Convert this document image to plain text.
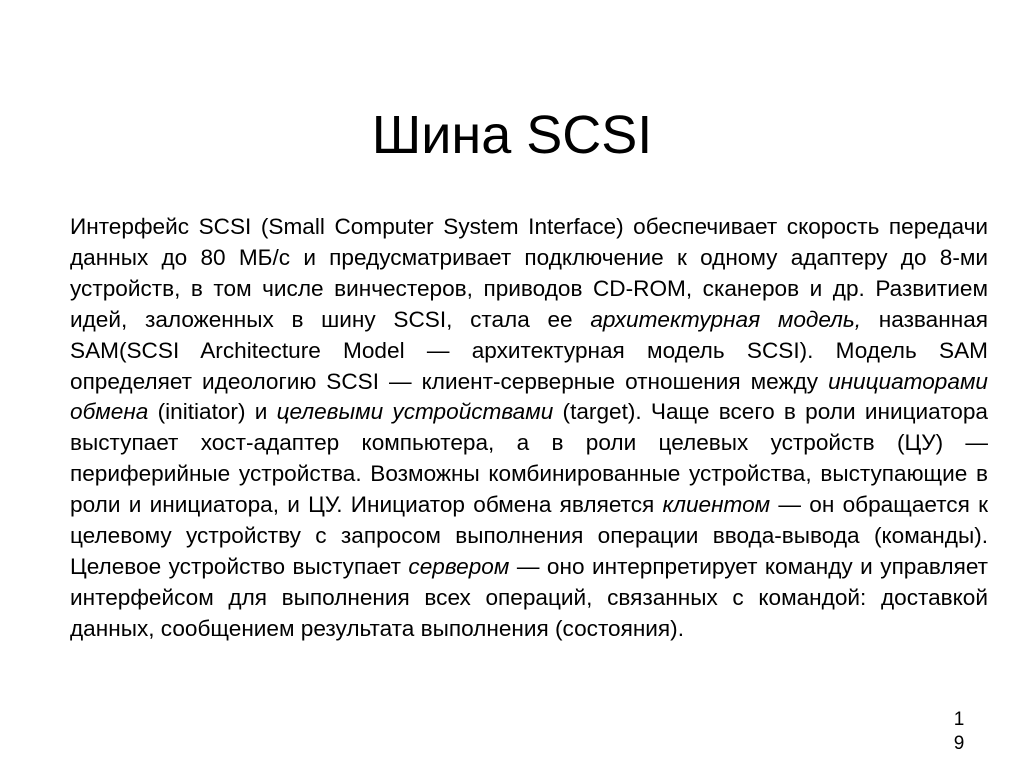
Шина SCSI

Интерфейс SCSI (Small Computer System Interface) обеспечивает скорость передачи данных до 80 МБ/с и предусматривает подключение к одному адаптеру до 8-ми устройств, в том числе винчестеров, приводов CD-ROM, сканеров и др. Развитием идей, заложенных в шину SCSI, стала ее архитектурная модель, названная SAM(SCSI Architecture Model — архитектурная модель SCSI). Модель SAM определяет идеологию SCSI — клиент-серверные отношения между инициаторами обмена (initiator) и целевыми устройствами (target). Чаще всего в роли инициатора выступает хост-адаптер компьютера, а в роли целевых устройств (ЦУ) — периферийные устройства. Возможны комбинированные устройства, выступающие в роли и инициатора, и ЦУ. Инициатор обмена является клиентом — он обращается к целевому устройству с запросом выполнения операции ввода-вывода (команды). Целевое устройство выступает сервером — оно интерпретирует команду и управляет интерфейсом для выполнения всех операций, связанных с командой: доставкой данных, сообщением результата выполнения (состояния).

1
9
